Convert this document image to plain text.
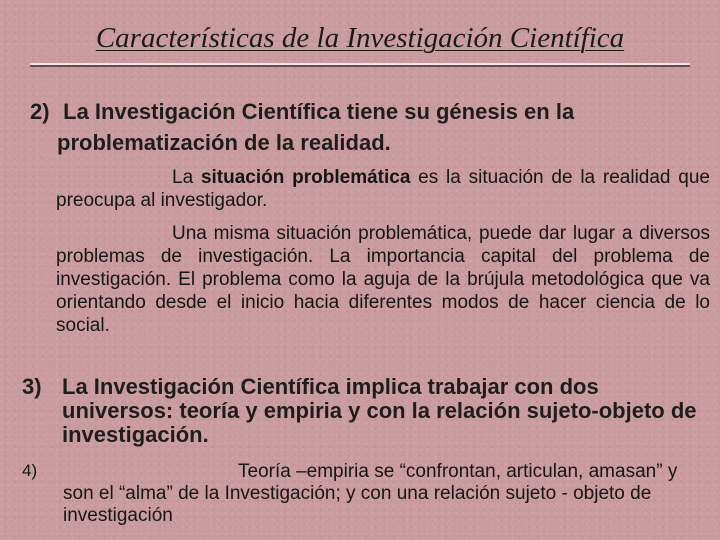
Características de la Investigación Científica
2) La Investigación Científica tiene su génesis en la
problematización de la realidad.
La situación problemática es la situación de la realidad que preocupa al investigador.
Una misma situación problemática, puede dar lugar a diversos problemas de investigación. La importancia capital del problema de investigación. El problema como la aguja de la brújula metodológica que va orientando desde el inicio hacia diferentes modos de hacer ciencia de lo social.
3) La Investigación Científica implica trabajar con dos universos: teoría y empiria y con la relación sujeto-objeto de investigación.
4)	Teoría –empiria se “confrontan, articulan, amasan” y son el “alma” de la Investigación; y con una relación sujeto - objeto de investigación
